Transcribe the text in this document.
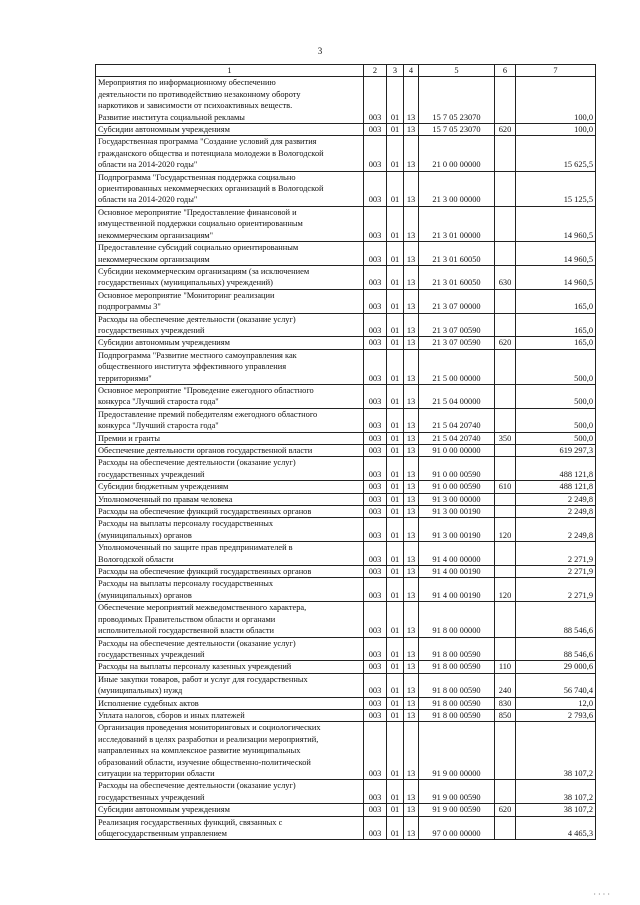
3
1	2	3	4	5	6	7
Мероприятия по информационному обеспечению
деятельности по противодействию незаконному обороту
наркотиков и зависимости от психоактивных веществ.
Развитие института социальной рекламы	003	01	13	15 7 05 23070		100,0
Субсидии автономным учреждениям	003	01	13	15 7 05 23070	620	100,0
Государственная программа "Создание условий для развития
гражданского общества и потенциала молодежи в Вологодской
области на 2014-2020 годы"	003	01	13	21 0 00 00000		15 625,5
Подпрограмма "Государственная поддержка социально
ориентированных некоммерческих организаций в Вологодской
области на 2014-2020 годы"	003	01	13	21 3 00 00000		15 125,5
Основное мероприятие "Предоставление финансовой и
имущественной поддержки социально ориентированным
некоммерческим организациям"	003	01	13	21 3 01 00000		14 960,5
Предоставление субсидий социально ориентированным
некоммерческим организациям	003	01	13	21 3 01 60050		14 960,5
Субсидии некоммерческим организациям (за исключением
государственных (муниципальных) учреждений)	003	01	13	21 3 01 60050	630	14 960,5
Основное мероприятие "Мониторинг реализации
подпрограммы 3"	003	01	13	21 3 07 00000		165,0
Расходы на обеспечение деятельности (оказание услуг)
государственных учреждений	003	01	13	21 3 07 00590		165,0
Субсидии автономным учреждениям	003	01	13	21 3 07 00590	620	165,0
Подпрограмма "Развитие местного самоуправления как
общественного института эффективного управления
территориями"	003	01	13	21 5 00 00000		500,0
Основное мероприятие "Проведение ежегодного областного
конкурса "Лучший староста года"	003	01	13	21 5 04 00000		500,0
Предоставление премий победителям ежегодного областного
конкурса "Лучший староста года"	003	01	13	21 5 04 20740		500,0
Премии и гранты	003	01	13	21 5 04 20740	350	500,0
Обеспечение деятельности органов государственной власти	003	01	13	91 0 00 00000		619 297,3
Расходы на обеспечение деятельности (оказание услуг)
государственных учреждений	003	01	13	91 0 00 00590		488 121,8
Субсидии бюджетным учреждениям	003	01	13	91 0 00 00590	610	488 121,8
Уполномоченный по правам человека	003	01	13	91 3 00 00000		2 249,8
Расходы на обеспечение функций государственных органов	003	01	13	91 3 00 00190		2 249,8
Расходы на выплаты персоналу государственных
(муниципальных) органов	003	01	13	91 3 00 00190	120	2 249,8
Уполномоченный по защите прав предпринимателей в
Вологодской области	003	01	13	91 4 00 00000		2 271,9
Расходы на обеспечение функций государственных органов	003	01	13	91 4 00 00190		2 271,9
Расходы на выплаты персоналу государственных
(муниципальных) органов	003	01	13	91 4 00 00190	120	2 271,9
Обеспечение мероприятий межведомственного характера,
проводимых Правительством области и органами
исполнительной государственной власти области	003	01	13	91 8 00 00000		88 546,6
Расходы на обеспечение деятельности (оказание услуг)
государственных учреждений	003	01	13	91 8 00 00590		88 546,6
Расходы на выплаты персоналу казенных учреждений	003	01	13	91 8 00 00590	110	29 000,6
Иные закупки товаров, работ и услуг для государственных
(муниципальных) нужд	003	01	13	91 8 00 00590	240	56 740,4
Исполнение судебных актов	003	01	13	91 8 00 00590	830	12,0
Уплата налогов, сборов и иных платежей	003	01	13	91 8 00 00590	850	2 793,6
Организация проведения мониторинговых и социологических
исследований в целях разработки и реализации мероприятий,
направленных на комплексное развитие муниципальных
образований области, изучение общественно-политической
ситуации на территории области	003	01	13	91 9 00 00000		38 107,2
Расходы на обеспечение деятельности (оказание услуг)
государственных учреждений	003	01	13	91 9 00 00590		38 107,2
Субсидии автономным учреждениям	003	01	13	91 9 00 00590	620	38 107,2
Реализация государственных функций, связанных с
общегосударственным управлением	003	01	13	97 0 00 00000		4 465,3
· · · ·
